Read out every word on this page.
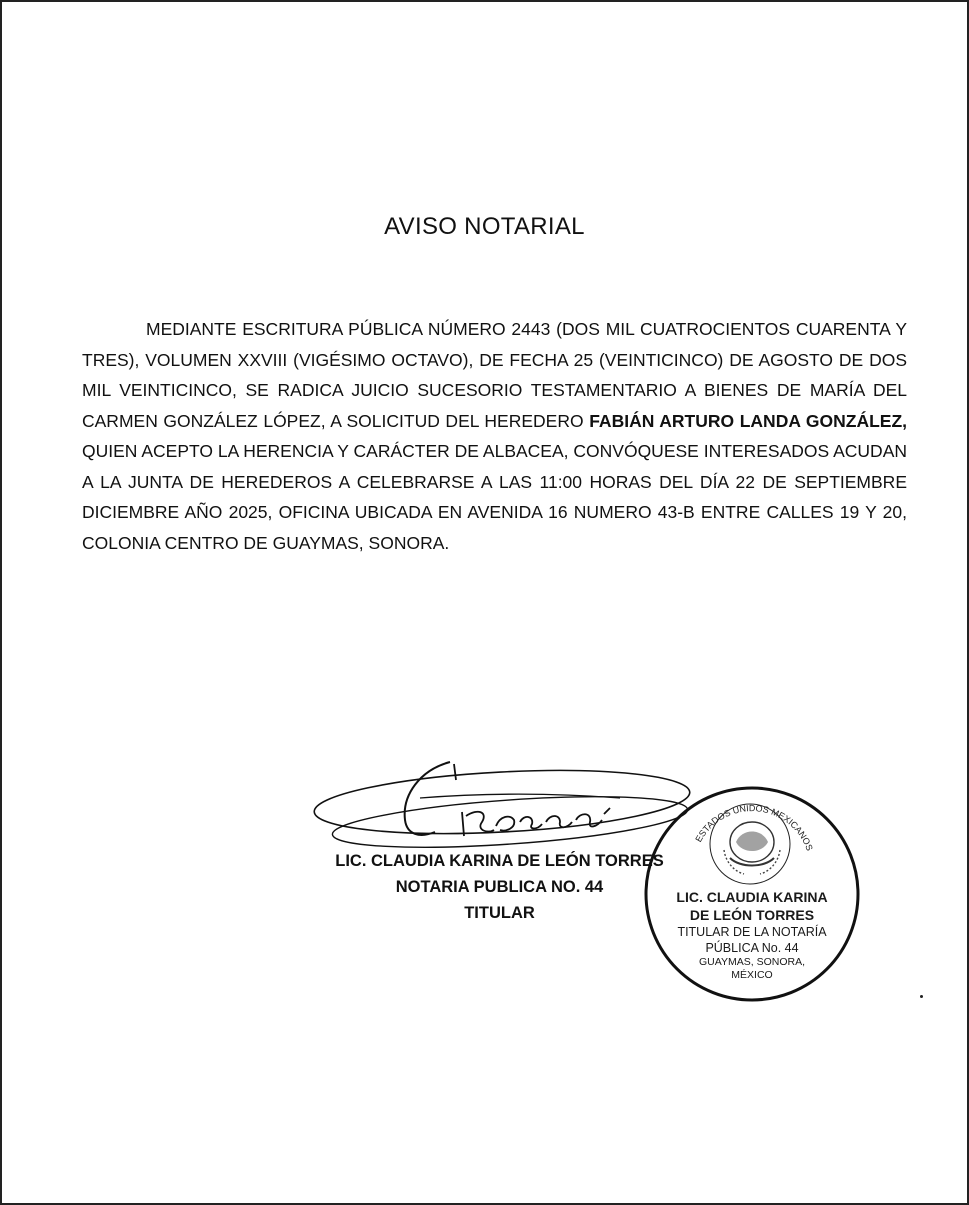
AVISO NOTARIAL

MEDIANTE ESCRITURA PÚBLICA NÚMERO 2443 (DOS MIL CUATROCIENTOS CUARENTA Y TRES), VOLUMEN XXVIII (VIGÉSIMO OCTAVO), DE FECHA 25 (VEINTICINCO) DE AGOSTO DE DOS MIL VEINTICINCO, SE RADICA JUICIO SUCESORIO TESTAMENTARIO A BIENES DE MARÍA DEL CARMEN GONZÁLEZ LÓPEZ, A SOLICITUD DEL HEREDERO FABIÁN ARTURO LANDA GONZÁLEZ, QUIEN ACEPTO LA HERENCIA Y CARÁCTER DE ALBACEA, CONVÓQUESE INTERESADOS ACUDAN A LA JUNTA DE HEREDEROS A CELEBRARSE A LAS 11:00 HORAS DEL DÍA 22 DE SEPTIEMBRE DICIEMBRE AÑO 2025, OFICINA UBICADA EN AVENIDA 16 NUMERO 43-B ENTRE CALLES 19 Y 20, COLONIA CENTRO DE GUAYMAS, SONORA.

LIC. CLAUDIA KARINA DE LEÓN TORRES
NOTARIA PUBLICA NO. 44
TITULAR
ESTADOS UNIDOS MEXICANOS
LIC. CLAUDIA KARINA
DE LEÓN TORRES
TITULAR DE LA NOTARÍA
PÚBLICA No. 44
GUAYMAS, SONORA,
MÉXICO
